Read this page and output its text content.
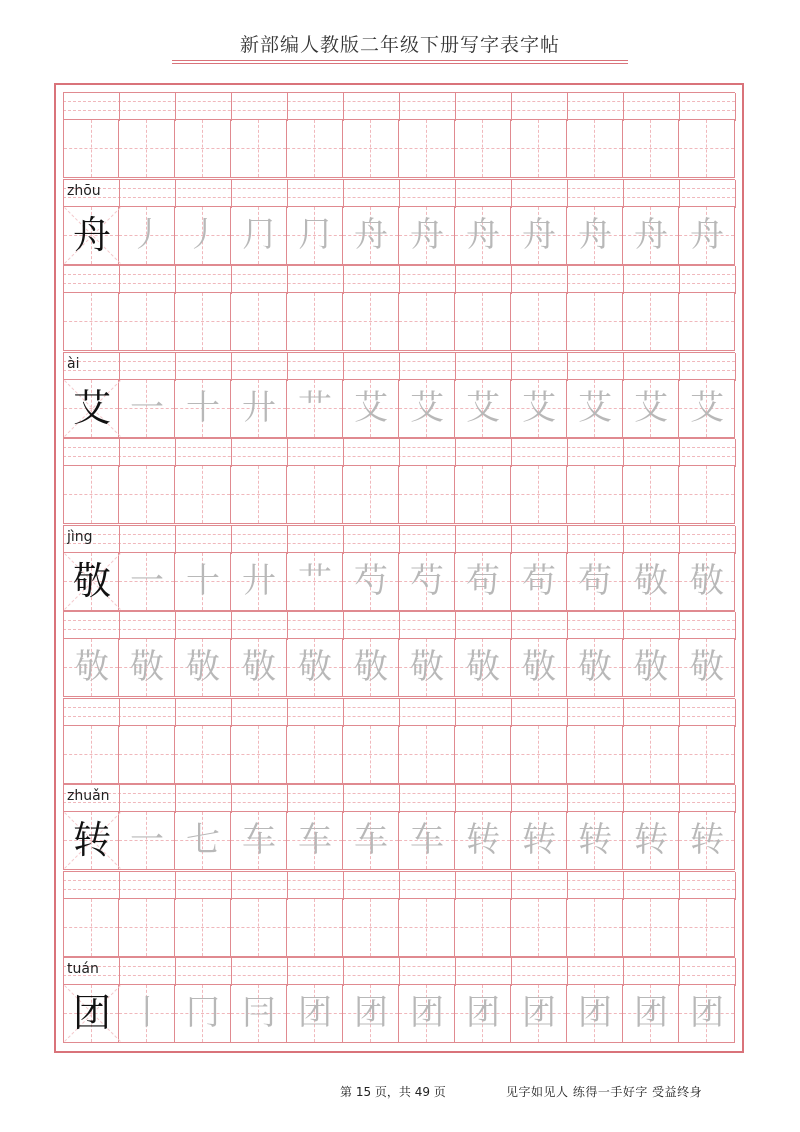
新部编人教版二年级下册写字表字帖
zhōu
舟 丿 丿 ⺆ ⺆ 舟 舟 舟 舟 舟 舟 舟
ài
艾 一 十 廾 艹 艾 艾 艾 艾 艾 艾 艾
jìng
敬 一 十 廾 艹 芍 芍 苟 苟 苟 敬 敬
敬 敬 敬 敬 敬 敬 敬 敬 敬 敬 敬 敬
zhuǎn
转 一 七 车 车 车 车 转 转 转 转 转
tuán
团 丨 冂 冃 团 团 团 团 团 团 团 团
第 15 页，共 49 页	见字如见人 练得一手好字 受益终身
